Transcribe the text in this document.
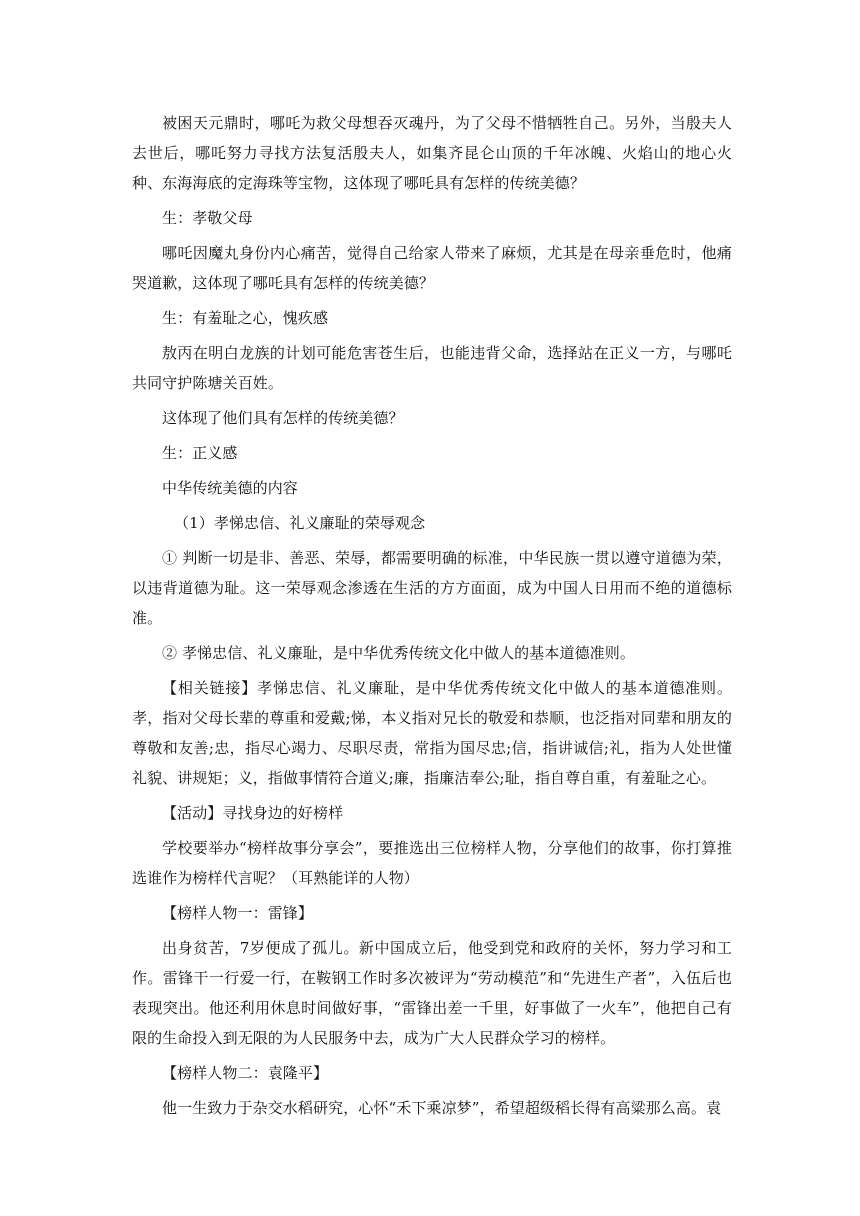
被困天元鼎时，哪吒为救父母想吞灭魂丹，为了父母不惜牺牲自己。另外，当殷夫人去世后，哪吒努力寻找方法复活殷夫人，如集齐昆仑山顶的千年冰魄、火焰山的地心火种、东海海底的定海珠等宝物，这体现了哪吒具有怎样的传统美德？

生：孝敬父母

哪吒因魔丸身份内心痛苦，觉得自己给家人带来了麻烦，尤其是在母亲垂危时，他痛哭道歉，这体现了哪吒具有怎样的传统美德？

生：有羞耻之心，愧疚感

敖丙在明白龙族的计划可能危害苍生后，也能违背父命，选择站在正义一方，与哪吒共同守护陈塘关百姓。

这体现了他们具有怎样的传统美德？

生：正义感

中华传统美德的内容

（1）孝悌忠信、礼义廉耻的荣辱观念

① 判断一切是非、善恶、荣辱，都需要明确的标准，中华民族一贯以遵守道德为荣，以违背道德为耻。这一荣辱观念渗透在生活的方方面面，成为中国人日用而不绝的道德标准。

② 孝悌忠信、礼义廉耻，是中华优秀传统文化中做人的基本道德准则。

【相关链接】孝悌忠信、礼义廉耻，是中华优秀传统文化中做人的基本道德准则。孝，指对父母长辈的尊重和爱戴;悌，本义指对兄长的敬爱和恭顺，也泛指对同辈和朋友的尊敬和友善;忠，指尽心竭力、尽职尽责，常指为国尽忠;信，指讲诚信;礼，指为人处世懂礼貌、讲规矩；义，指做事情符合道义;廉，指廉洁奉公;耻，指自尊自重，有羞耻之心。

【活动】寻找身边的好榜样

学校要举办“榜样故事分享会”，要推选出三位榜样人物，分享他们的故事，你打算推选谁作为榜样代言呢？（耳熟能详的人物）

【榜样人物一：雷锋】

出身贫苦，7岁便成了孤儿。新中国成立后，他受到党和政府的关怀，努力学习和工作。雷锋干一行爱一行，在鞍钢工作时多次被评为“劳动模范”和“先进生产者”，入伍后也表现突出。他还利用休息时间做好事，“雷锋出差一千里，好事做了一火车”，他把自己有限的生命投入到无限的为人民服务中去，成为广大人民群众学习的榜样。

【榜样人物二：袁隆平】

他一生致力于杂交水稻研究，心怀“禾下乘凉梦”，希望超级稻长得有高粱那么高。袁
